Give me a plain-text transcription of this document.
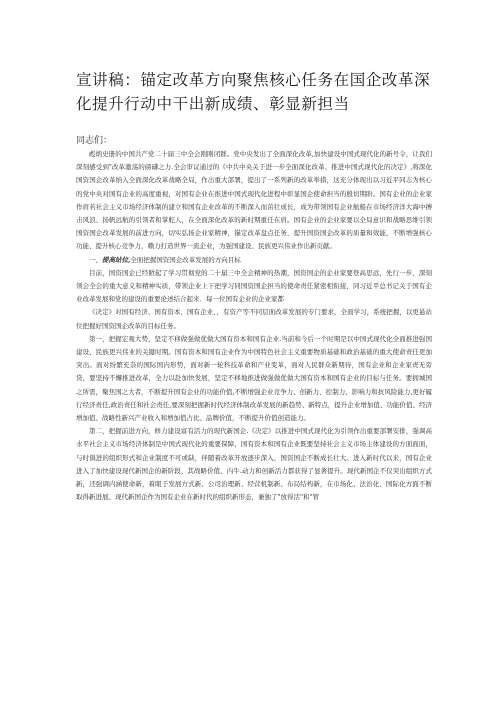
宣讲稿：锚定改革方向聚焦核心任务在国企改革深化提升行动中干出新成绩、彰显新担当
同志们：

彪炳史册的中国共产党二十届三中全会刚刚闭群。党中央发出了全面深化改革,加快建设中国式现代化的新号令，让我们深刻感受到"改革激荡的磅礴之力.全会审议通过的《中共中央关于进一步全面深化改革、推进中国式现代化的决定》,将深化国资国企改革纳入全面深化改革战略全局，作出重大部署，提出了一系列新的改革举措，这充分体现出以习近平同志为核心的党中央对国有企业的高度重视，对国有企业在推进中国式现代化进程中彰显国企使命担当的殷切期盼。国有企业的企业家作肩若社会主义市场经济体制的建立和国有企业改革的不断深入而茁壮成长，成为带领国有企业航船在市场经济洋大海中搏击风浪、扬帆远航的引领者和掌舵人，在全面深化改革的新时期重任在肩。国有企业的企业家要以全局意识和战略思维引领国资国企改革发展的前进方向，切实弘扬企业家精神，锚定改革盘点任务，提升国资国企改革的质量和效能，不断增强核心功能、提升核心竞争力，赖力打造世界一流企业，为强国建设、民族更兴伟业作出新贡献。

一、提高站位,全面把握国资国企改革发展的方向目标

目前，国资国企已经掀起了学习贯彻党的二十届三中全会精神的热潮，国资国企的企业家要登高思远，先行一步，深刻领会全会的重大意义和精神实质，带领企业上下把学习同国资国企担当的使命责任紧密相衔接，同习近平总书记关于国有企业改革发展和党的建设的重要论述结合起来．每一位国有企业的企业家都

《决定》对国有经济、国有资本、国有企业、，有资产等不同层面改革发展的专门要求，全面学习，系统把握，以更悬站位把握好国资国企改革的目标任务。

第一，把握宏观大势，坚定不移做强做优做大国有资本和国有企业.当前和今后一个时期是以中国式现代化全面推进强国建设、民族更兴伟业的关键时期。国有资本和国有企业作为中国特色社会主义重要物质基础和政治基础的重大使命责任更加突出。面对纷繁充杂的国际国内形势，面对新一轮科技革命和产业变革，面对人民群众新期待，国有企业和企业家责无旁贷，要坚持不懈推进改革，全力以赴加快发展，坚定不移地推进做强做优做大国有资本和国有企业的目标与任务。要拥城国之所需，聚焦国之大者，不断提升国有企业的功能价值,不断增强企业竞争力、创新力、控制力、影响力和抗风险能力,更好履行经济责任,政治责任和社会责任,要深刻把握新时代经济体制改革发展的新趋势、新特点，提升企业增加值、功能价值、经济增加值、战略性新兴产业收入和增加值占比、品牌价值，不断提升价值创造能力。

第二，把握前进方向，修力建设富有活力的现代新国企.《决定》以推进中国式现代化为引领作出重要部署安排，强调高水平社会主义市场经济体制是中国式现代化的重要保障，国有资本和国有企业既要坚持社会主义市场主体建设的方面面面，与时俱进的组织形式和企业制度不可或缺，伴随着改革开放逐步深入，国资国企不断成长壮大。进入新时代以来，国有企业进入了加快建设现代新国企的新阶段，其战略价值、内牛.动力和创新活力都获得了显著提升。现代新国企不仅突出组织方式新，还强调内涵使命新，着眼于发展方式新、公司治理新、经营机制新、布局结构新，在市场化、法治化、国际化方面不断取得新进展。现代新国企作为国有企业在新时代的组织新形态，兼独了"放得活"和"管
